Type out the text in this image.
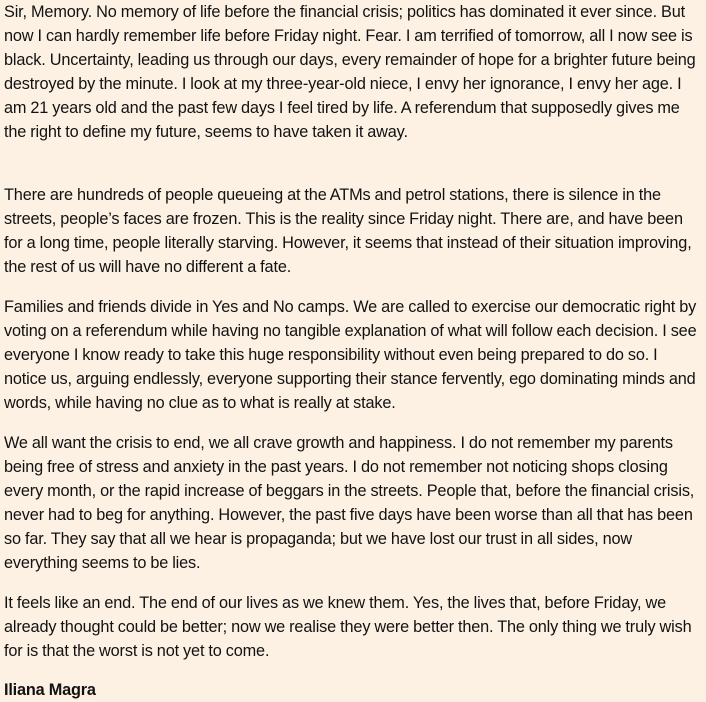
Sir, Memory. No memory of life before the financial crisis; politics has dominated it ever since. But now I can hardly remember life before Friday night. Fear. I am terrified of tomorrow, all I now see is black. Uncertainty, leading us through our days, every remainder of hope for a brighter future being destroyed by the minute. I look at my three-year-old niece, I envy her ignorance, I envy her age. I am 21 years old and the past few days I feel tired by life. A referendum that supposedly gives me the right to define my future, seems to have taken it away.

There are hundreds of people queueing at the ATMs and petrol stations, there is silence in the streets, people’s faces are frozen. This is the reality since Friday night. There are, and have been for a long time, people literally starving. However, it seems that instead of their situation improving, the rest of us will have no different a fate.

Families and friends divide in Yes and No camps. We are called to exercise our democratic right by voting on a referendum while having no tangible explanation of what will follow each decision. I see everyone I know ready to take this huge responsibility without even being prepared to do so. I notice us, arguing endlessly, everyone supporting their stance fervently, ego dominating minds and words, while having no clue as to what is really at stake.

We all want the crisis to end, we all crave growth and happiness. I do not remember my parents being free of stress and anxiety in the past years. I do not remember not noticing shops closing every month, or the rapid increase of beggars in the streets. People that, before the financial crisis, never had to beg for anything. However, the past five days have been worse than all that has been so far. They say that all we hear is propaganda; but we have lost our trust in all sides, now everything seems to be lies.

It feels like an end. The end of our lives as we knew them. Yes, the lives that, before Friday, we already thought could be better; now we realise they were better then. The only thing we truly wish for is that the worst is not yet to come.

Iliana Magra
